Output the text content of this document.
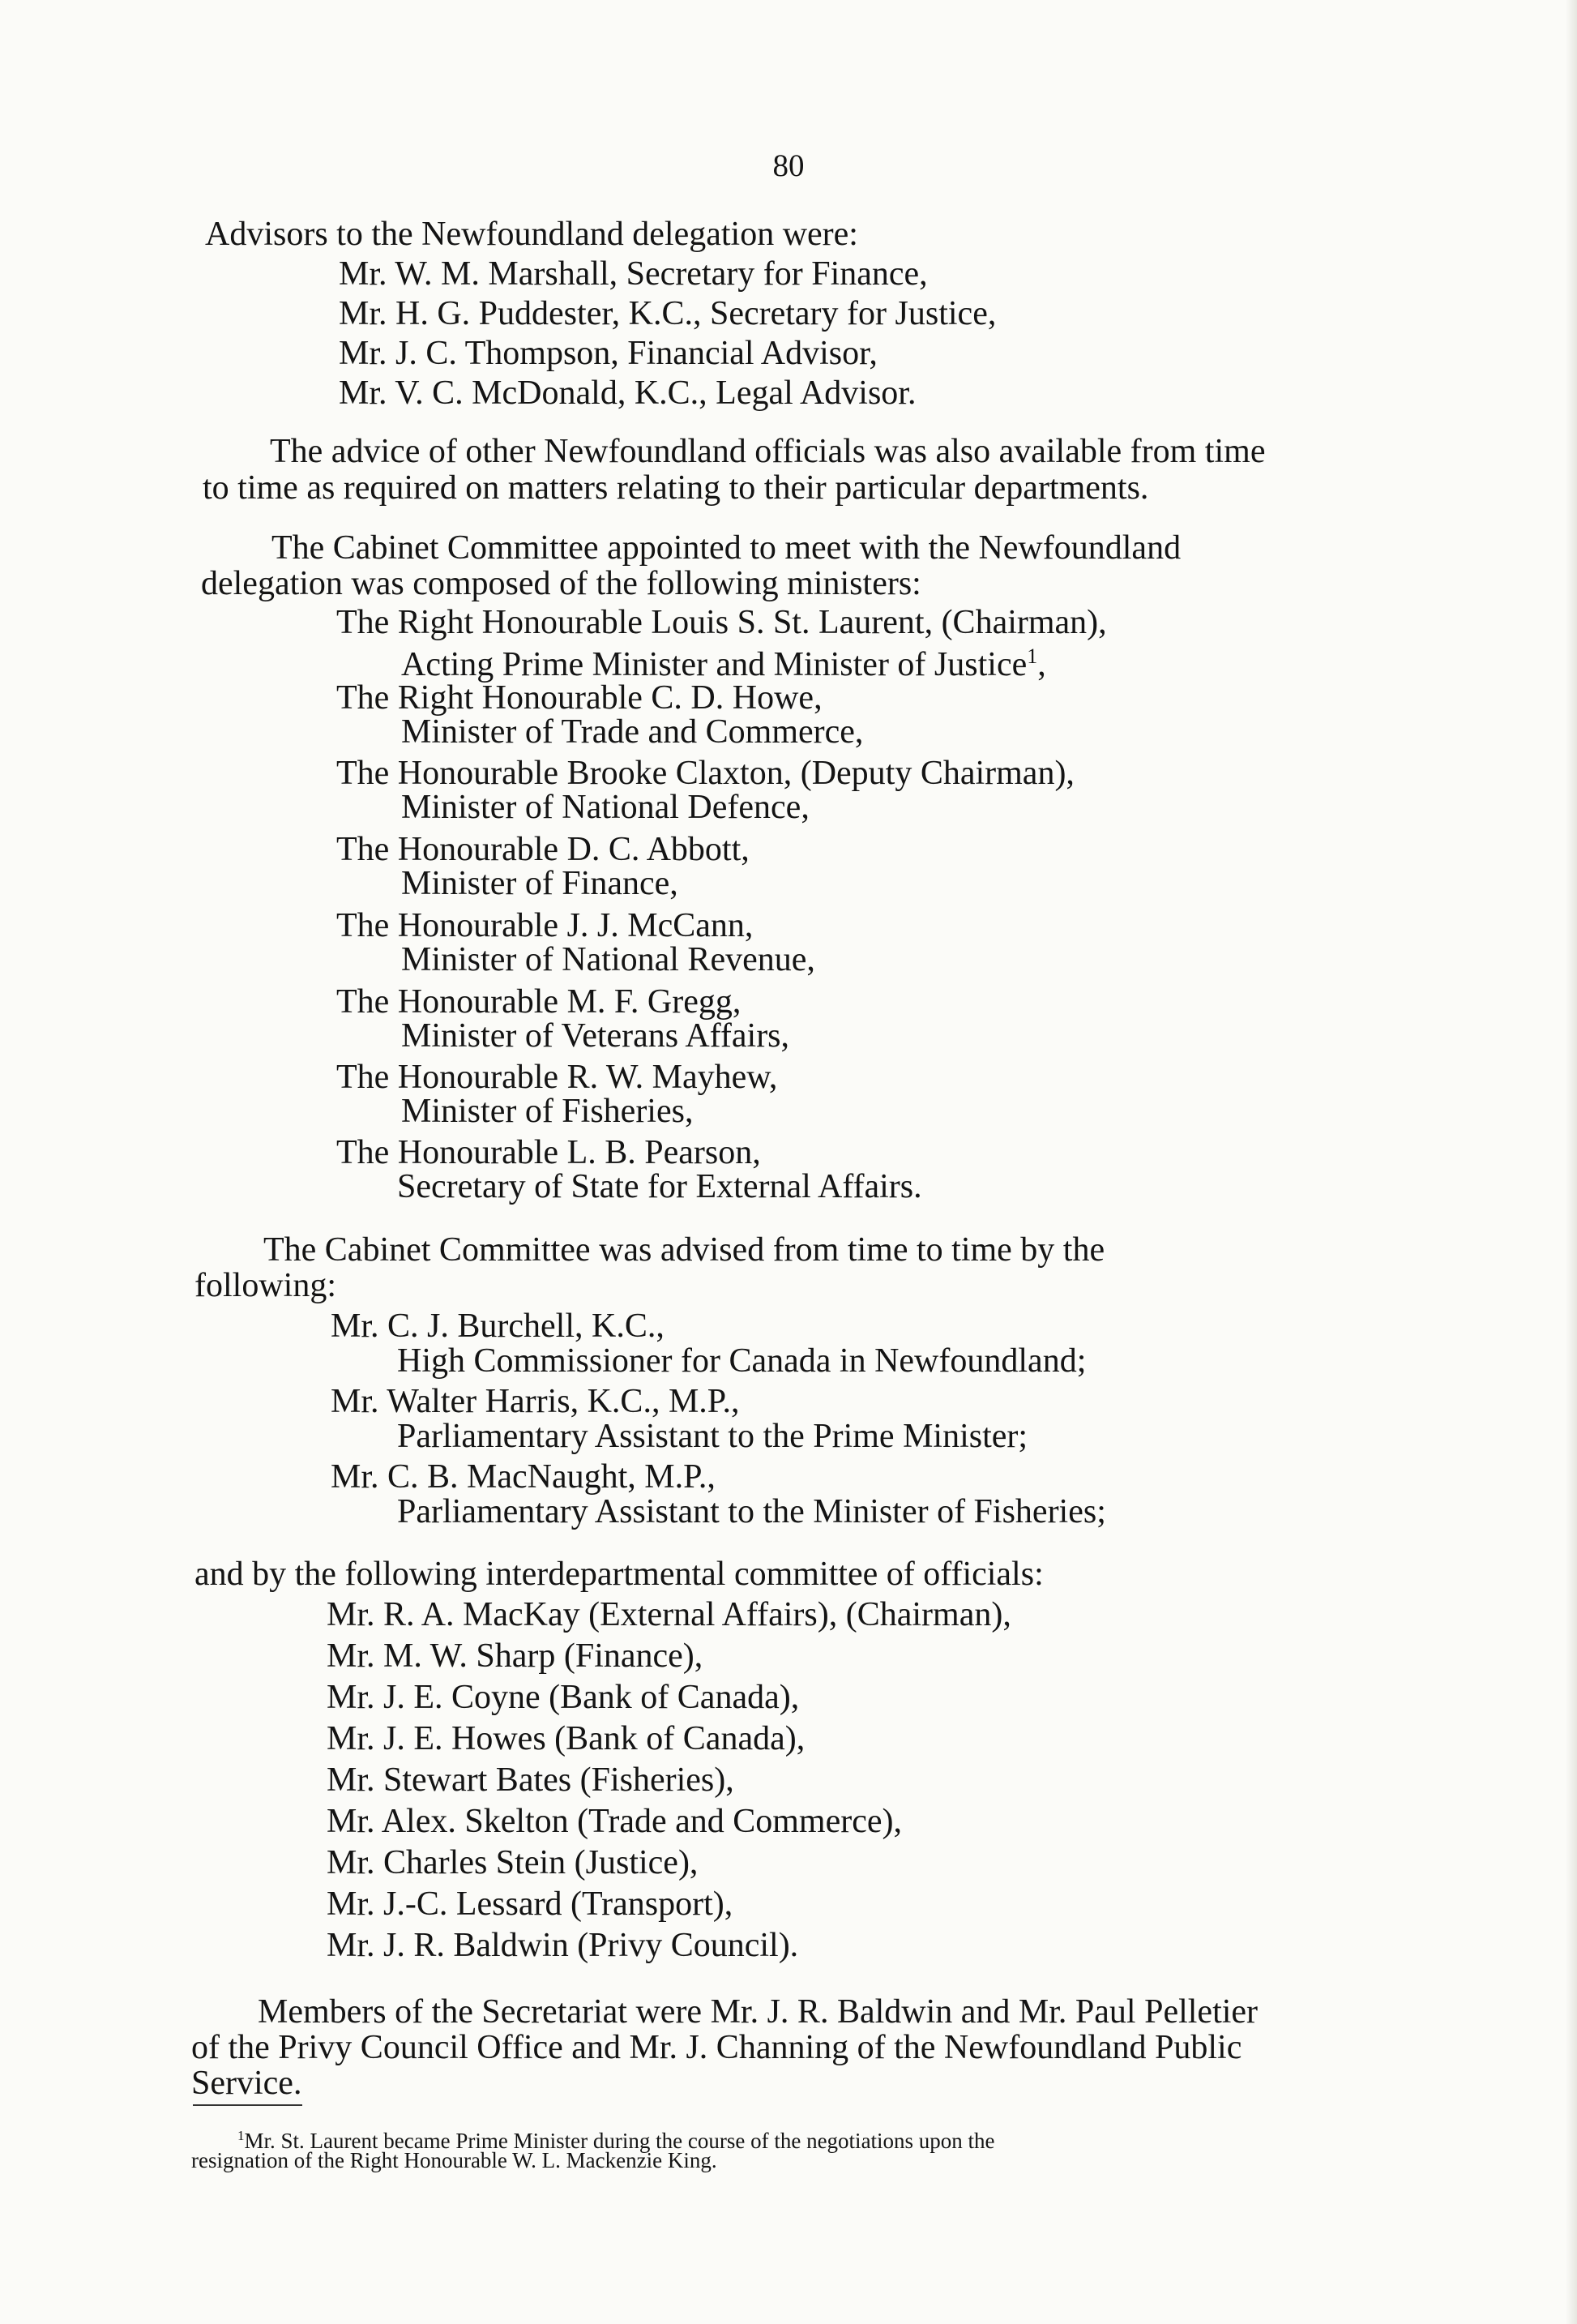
80
Advisors to the Newfoundland delegation were:
Mr. W. M. Marshall, Secretary for Finance,
Mr. H. G. Puddester, K.C., Secretary for Justice,
Mr. J. C. Thompson, Financial Advisor,
Mr. V. C. McDonald, K.C., Legal Advisor.
The advice of other Newfoundland officials was also available from time
to time as required on matters relating to their particular departments.
The Cabinet Committee appointed to meet with the Newfoundland
delegation was composed of the following ministers:
The Right Honourable Louis S. St. Laurent, (Chairman),
Acting Prime Minister and Minister of Justice$^1$,
The Right Honourable C. D. Howe,
Minister of Trade and Commerce,
The Honourable Brooke Claxton, (Deputy Chairman),
Minister of National Defence,
The Honourable D. C. Abbott,
Minister of Finance,
The Honourable J. J. McCann,
Minister of National Revenue,
The Honourable M. F. Gregg,
Minister of Veterans Affairs,
The Honourable R. W. Mayhew,
Minister of Fisheries,
The Honourable L. B. Pearson,
Secretary of State for External Affairs.
The Cabinet Committee was advised from time to time by the
following:
Mr. C. J. Burchell, K.C.,
High Commissioner for Canada in Newfoundland;
Mr. Walter Harris, K.C., M.P.,
Parliamentary Assistant to the Prime Minister;
Mr. C. B. MacNaught, M.P.,
Parliamentary Assistant to the Minister of Fisheries;
and by the following interdepartmental committee of officials:
Mr. R. A. MacKay (External Affairs), (Chairman),
Mr. M. W. Sharp (Finance),
Mr. J. E. Coyne (Bank of Canada),
Mr. J. E. Howes (Bank of Canada),
Mr. Stewart Bates (Fisheries),
Mr. Alex. Skelton (Trade and Commerce),
Mr. Charles Stein (Justice),
Mr. J.-C. Lessard (Transport),
Mr. J. R. Baldwin (Privy Council).
Members of the Secretariat were Mr. J. R. Baldwin and Mr. Paul Pelletier
of the Privy Council Office and Mr. J. Channing of the Newfoundland Public
Service.
$^1$Mr. St. Laurent became Prime Minister during the course of the negotiations upon the
resignation of the Right Honourable W. L. Mackenzie King.
